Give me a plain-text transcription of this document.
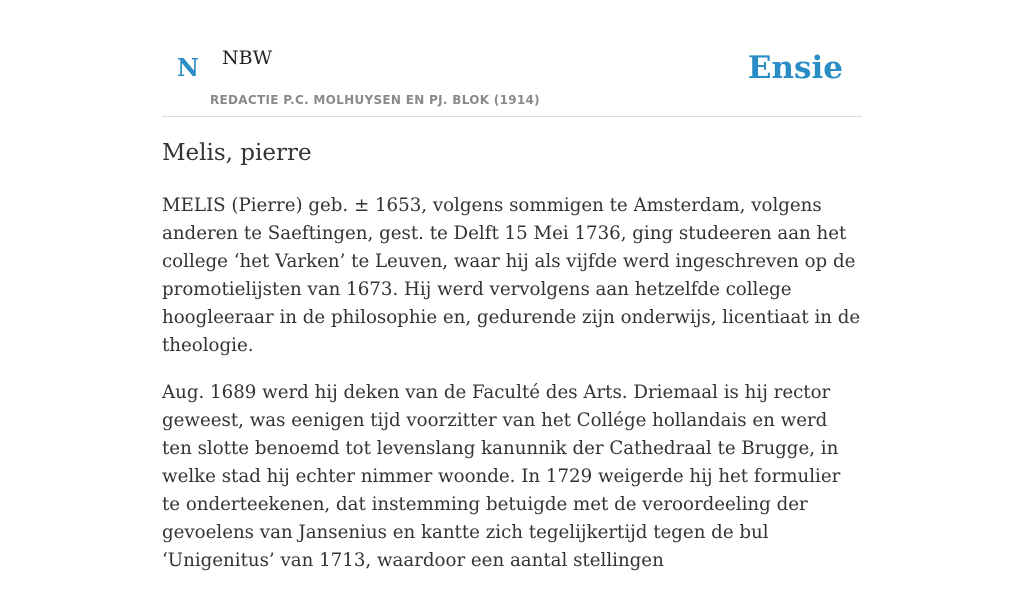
N NBW
REDACTIE P.C. MOLHUYSEN EN PJ. BLOK (1914)
Ensie
Melis, pierre

MELIS (Pierre) geb. ± 1653, volgens sommigen te Amsterdam, volgens anderen te Saeftingen, gest. te Delft 15 Mei 1736, ging studeeren aan het college ‘het Varken’ te Leuven, waar hij als vijfde werd ingeschreven op de promotielijsten van 1673. Hij werd vervolgens aan hetzelfde college hoogleeraar in de philosophie en, gedurende zijn onderwijs, licentiaat in de theologie.

Aug. 1689 werd hij deken van de Faculté des Arts. Driemaal is hij rector geweest, was eenigen tijd voorzitter van het Collége hollandais en werd ten slotte benoemd tot levenslang kanunnik der Cathedraal te Brugge, in welke stad hij echter nimmer woonde. In 1729 weigerde hij het formulier te onderteekenen, dat instemming betuigde met de veroordeeling der gevoelens van Jansenius en kantte zich tegelijkertijd tegen de bul ‘Unigenitus’ van 1713, waardoor een aantal stellingen
